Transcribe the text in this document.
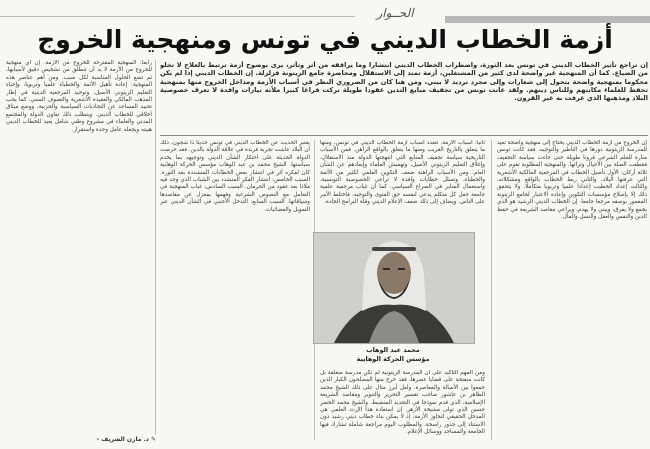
الحــوار
أزمة الخطاب الديني في تونس ومنهجية الخروج
إن تراجع تأثير الخطاب الديني في تونس بعد الثورة، واضطراب الخطاب الديني انتشارا وما يرافقه من أثر وتأثر، يرى بوضوح أزمة ترتبط بالعلاج لا تخلو من الضياع. كما أن المنهجية غير واضحة لدى كثير من المشتغلين، أزمة تمتد إلى الاستقلال ومحاضرة جامع الزيتونة فزلزلة. إن الخطاب الديني إذا لم يكن محكوما بمنهجية واضحة يتحول إلى شعارات وإلى مجرد ترديد لا يبني، ومن هنا كان من الضروري النظر في أسباب الأزمة ومداخل الخروج منها بمنهجية تحفظ للعلماء مكانتهم وللناس دينهم. ولقد عانت تونس من تجفيف منابع التدين عقودا طويلة تركت فراغا كبيرا ملأته تيارات وافدة لا تعرف خصوصية البلاد ومذهبها الذي عرفت به عبر القرون.
إن الخروج من أزمة الخطاب الديني يحتاج إلى منهجية واضحة تعيد للمدرسة الزيتونية دورها في التأطير والتوجيه، فقد كانت تونس منارة للعلم الشرعي قرونا طويلة حتى جاءت سياسة التجفيف فقطعت الصلة بين الأجيال وتراثها. والمنهجية المطلوبة تقوم على ثلاثة أركان: الأول تأصيل الخطاب في المرجعية المالكية الأشعرية التي عرفتها البلاد، والثاني ربط الخطاب بالواقع ومشكلاته، والثالث إعداد الخطيب إعدادا علميا وتربويا متكاملا. ولا يتحقق ذلك إلا بإصلاح مؤسسات التكوين وإعادة الاعتبار لجامع الزيتونة المعمور بوصفه مرجعا جامعا. إن الخطاب الديني الرشيد هو الذي يجمع ولا يفرق، ويبني ولا يهدم، ويراعي مقاصد الشريعة في حفظ الدين والنفس والعقل والنسل والمال.
ثانيا: أسباب الأزمة. تتعدد أسباب أزمة الخطاب الديني في تونس، ومنها ما يتعلق بالتاريخ القريب ومنها ما يتعلق بالواقع الراهن. فمن الأسباب التاريخية سياسة تجفيف المنابع التي انتهجتها الدولة منذ الاستقلال، وإغلاق التعليم الزيتوني الأصيل، وتهميش العلماء وإبعادهم عن الشأن العام. ومن الأسباب الراهنة ضعف التكوين العلمي لكثير من الأئمة والخطباء، وتسلل خطابات وافدة لا تراعي الخصوصية التونسية، واستعمال المنابر في الصراع السياسي. كما أن غياب مرجعية علمية جامعة جعل كل متكلم يدعي لنفسه حق الفتوى والتوجيه، فاختلط الأمر على الناس. ويضاف إلى ذلك ضعف الإعلام الديني وقلة البرامج الجادة.
يعتبر الحديث عن الخطاب الديني في تونس حديثا ذا شجون، ذلك أن البلاد عاشت تجربة فريدة في علاقة الدولة بالدين. فقد حرصت الدولة الحديثة على احتكار الشأن الديني وتوجيهه بما يخدم سياستها. الشيخ محمد بن عبد الوهاب مؤسس الحركة الوهابية كان لفكره أثر في انتشار بعض الخطابات المتشددة بعد الثورة. السبب الخامس: انتشار الفكر المتشدد بين الشباب الذي وجد فيه ملاذا بعد عقود من الحرمان. السبب السادس: غياب المنهجية في التعامل مع النصوص الشرعية وفهمها بمعزل عن مقاصدها وسياقاتها. السبب السابع: التدخل الأجنبي في الشأن الديني عبر التمويل والفضائيات.
ومن المهم التأكيد على أن المدرسة الزيتونية لم تكن مدرسة منغلقة بل كانت منفتحة على قضايا عصرها، فقد خرج منها المصلحون الكبار الذين جمعوا بين الأصالة والمعاصرة. ولعل أبرز مثال على ذلك الشيخ محمد الطاهر بن عاشور صاحب تفسير التحرير والتنوير ومقاصد الشريعة الإسلامية، الذي قدم نموذجا في التجديد المنضبط. والشيخ محمد الخضر حسين الذي تولى مشيخة الأزهر. إن استعادة هذا الإرث العلمي هي المدخل الحقيقي لتجاوز الأزمة، إذ لا يمكن بناء خطاب ديني رشيد دون الاستناد إلى جذور راسخة. والمطلوب اليوم مراجعة شاملة تشارك فيها الجامعة والمساجد ووسائل الإعلام.
رابعا: المنهجية المقترحة للخروج من الأزمة. إن أي منهجية للخروج من الأزمة لا بد أن تنطلق من تشخيص دقيق لأسبابها، ثم تضع الحلول المناسبة لكل سبب. ومن أهم عناصر هذه المنهجية: إعادة تأهيل الأئمة والخطباء علميا وتربويا، وإحياء التعليم الزيتوني الأصيل، وتوحيد المرجعية الدينية في إطار المذهب المالكي والعقيدة الأشعرية والتصوف السني. كما يجب تحييد المساجد عن التجاذبات السياسية والحزبية، ووضع ميثاق أخلاقي للخطاب الديني. ويتطلب ذلك تعاون الدولة والمجتمع المدني والعلماء في مشروع وطني شامل يعيد للخطاب الديني هيبته ويجعله عامل وحدة واستقرار.
محمد عبد الوهاب
مؤسس الحركة الوهابية
✎ د. مازن الشريف -
